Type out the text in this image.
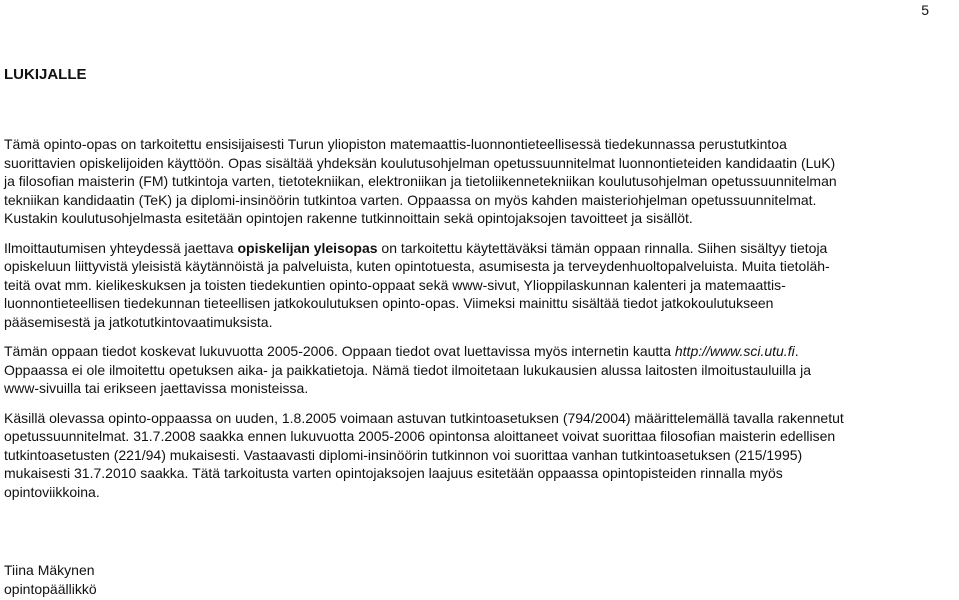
5
LUKIJALLE

Tämä opinto-opas on tarkoitettu ensisijaisesti Turun yliopiston matemaattis-luonnontieteellisessä tiedekunnassa perustutkintoa
suorittavien opiskelijoiden käyttöön. Opas sisältää yhdeksän koulutusohjelman opetussuunnitelmat luonnontieteiden kandidaatin (LuK)
ja filosofian maisterin (FM) tutkintoja varten, tietotekniikan, elektroniikan ja tietoliikennetekniikan koulutusohjelman opetussuunnitelman
tekniikan kandidaatin (TeK) ja diplomi-insinöörin tutkintoa varten. Oppaassa on myös kahden maisteriohjelman opetussuunnitelmat.
Kustakin koulutusohjelmasta esitetään opintojen rakenne tutkinnoittain sekä opintojaksojen tavoitteet ja sisällöt.

Ilmoittautumisen yhteydessä jaettava opiskelijan yleisopas on tarkoitettu käytettäväksi tämän oppaan rinnalla. Siihen sisältyy tietoja
opiskeluun liittyvistä yleisistä käytännöistä ja palveluista, kuten opintotuesta, asumisesta ja terveydenhuoltopalveluista. Muita tietoläh-
teitä ovat mm. kielikeskuksen ja toisten tiedekuntien opinto-oppaat sekä www-sivut, Ylioppilaskunnan kalenteri ja matemaattis-
luonnontieteellisen tiedekunnan tieteellisen jatkokoulutuksen opinto-opas. Viimeksi mainittu sisältää tiedot jatkokoulutukseen
pääsemisestä ja jatkotutkintovaatimuksista.

Tämän oppaan tiedot koskevat lukuvuotta 2005-2006. Oppaan tiedot ovat luettavissa myös internetin kautta http://www.sci.utu.fi.
Oppaassa ei ole ilmoitettu opetuksen aika- ja paikkatietoja. Nämä tiedot ilmoitetaan lukukausien alussa laitosten ilmoitustauluilla ja
www-sivuilla tai erikseen jaettavissa monisteissa.

Käsillä olevassa opinto-oppaassa on uuden, 1.8.2005 voimaan astuvan tutkintoasetuksen (794/2004) määrittelemällä tavalla rakennetut
opetussuunnitelmat. 31.7.2008 saakka ennen lukuvuotta 2005-2006 opintonsa aloittaneet voivat suorittaa filosofian maisterin edellisen
tutkintoasetusten (221/94) mukaisesti. Vastaavasti diplomi-insinöörin tutkinnon voi suorittaa vanhan tutkintoasetuksen (215/1995)
mukaisesti 31.7.2010 saakka. Tätä tarkoitusta varten opintojaksojen laajuus esitetään oppaassa opintopisteiden rinnalla myös
opintoviikkoina.

Tiina Mäkynen
opintopäällikkö
